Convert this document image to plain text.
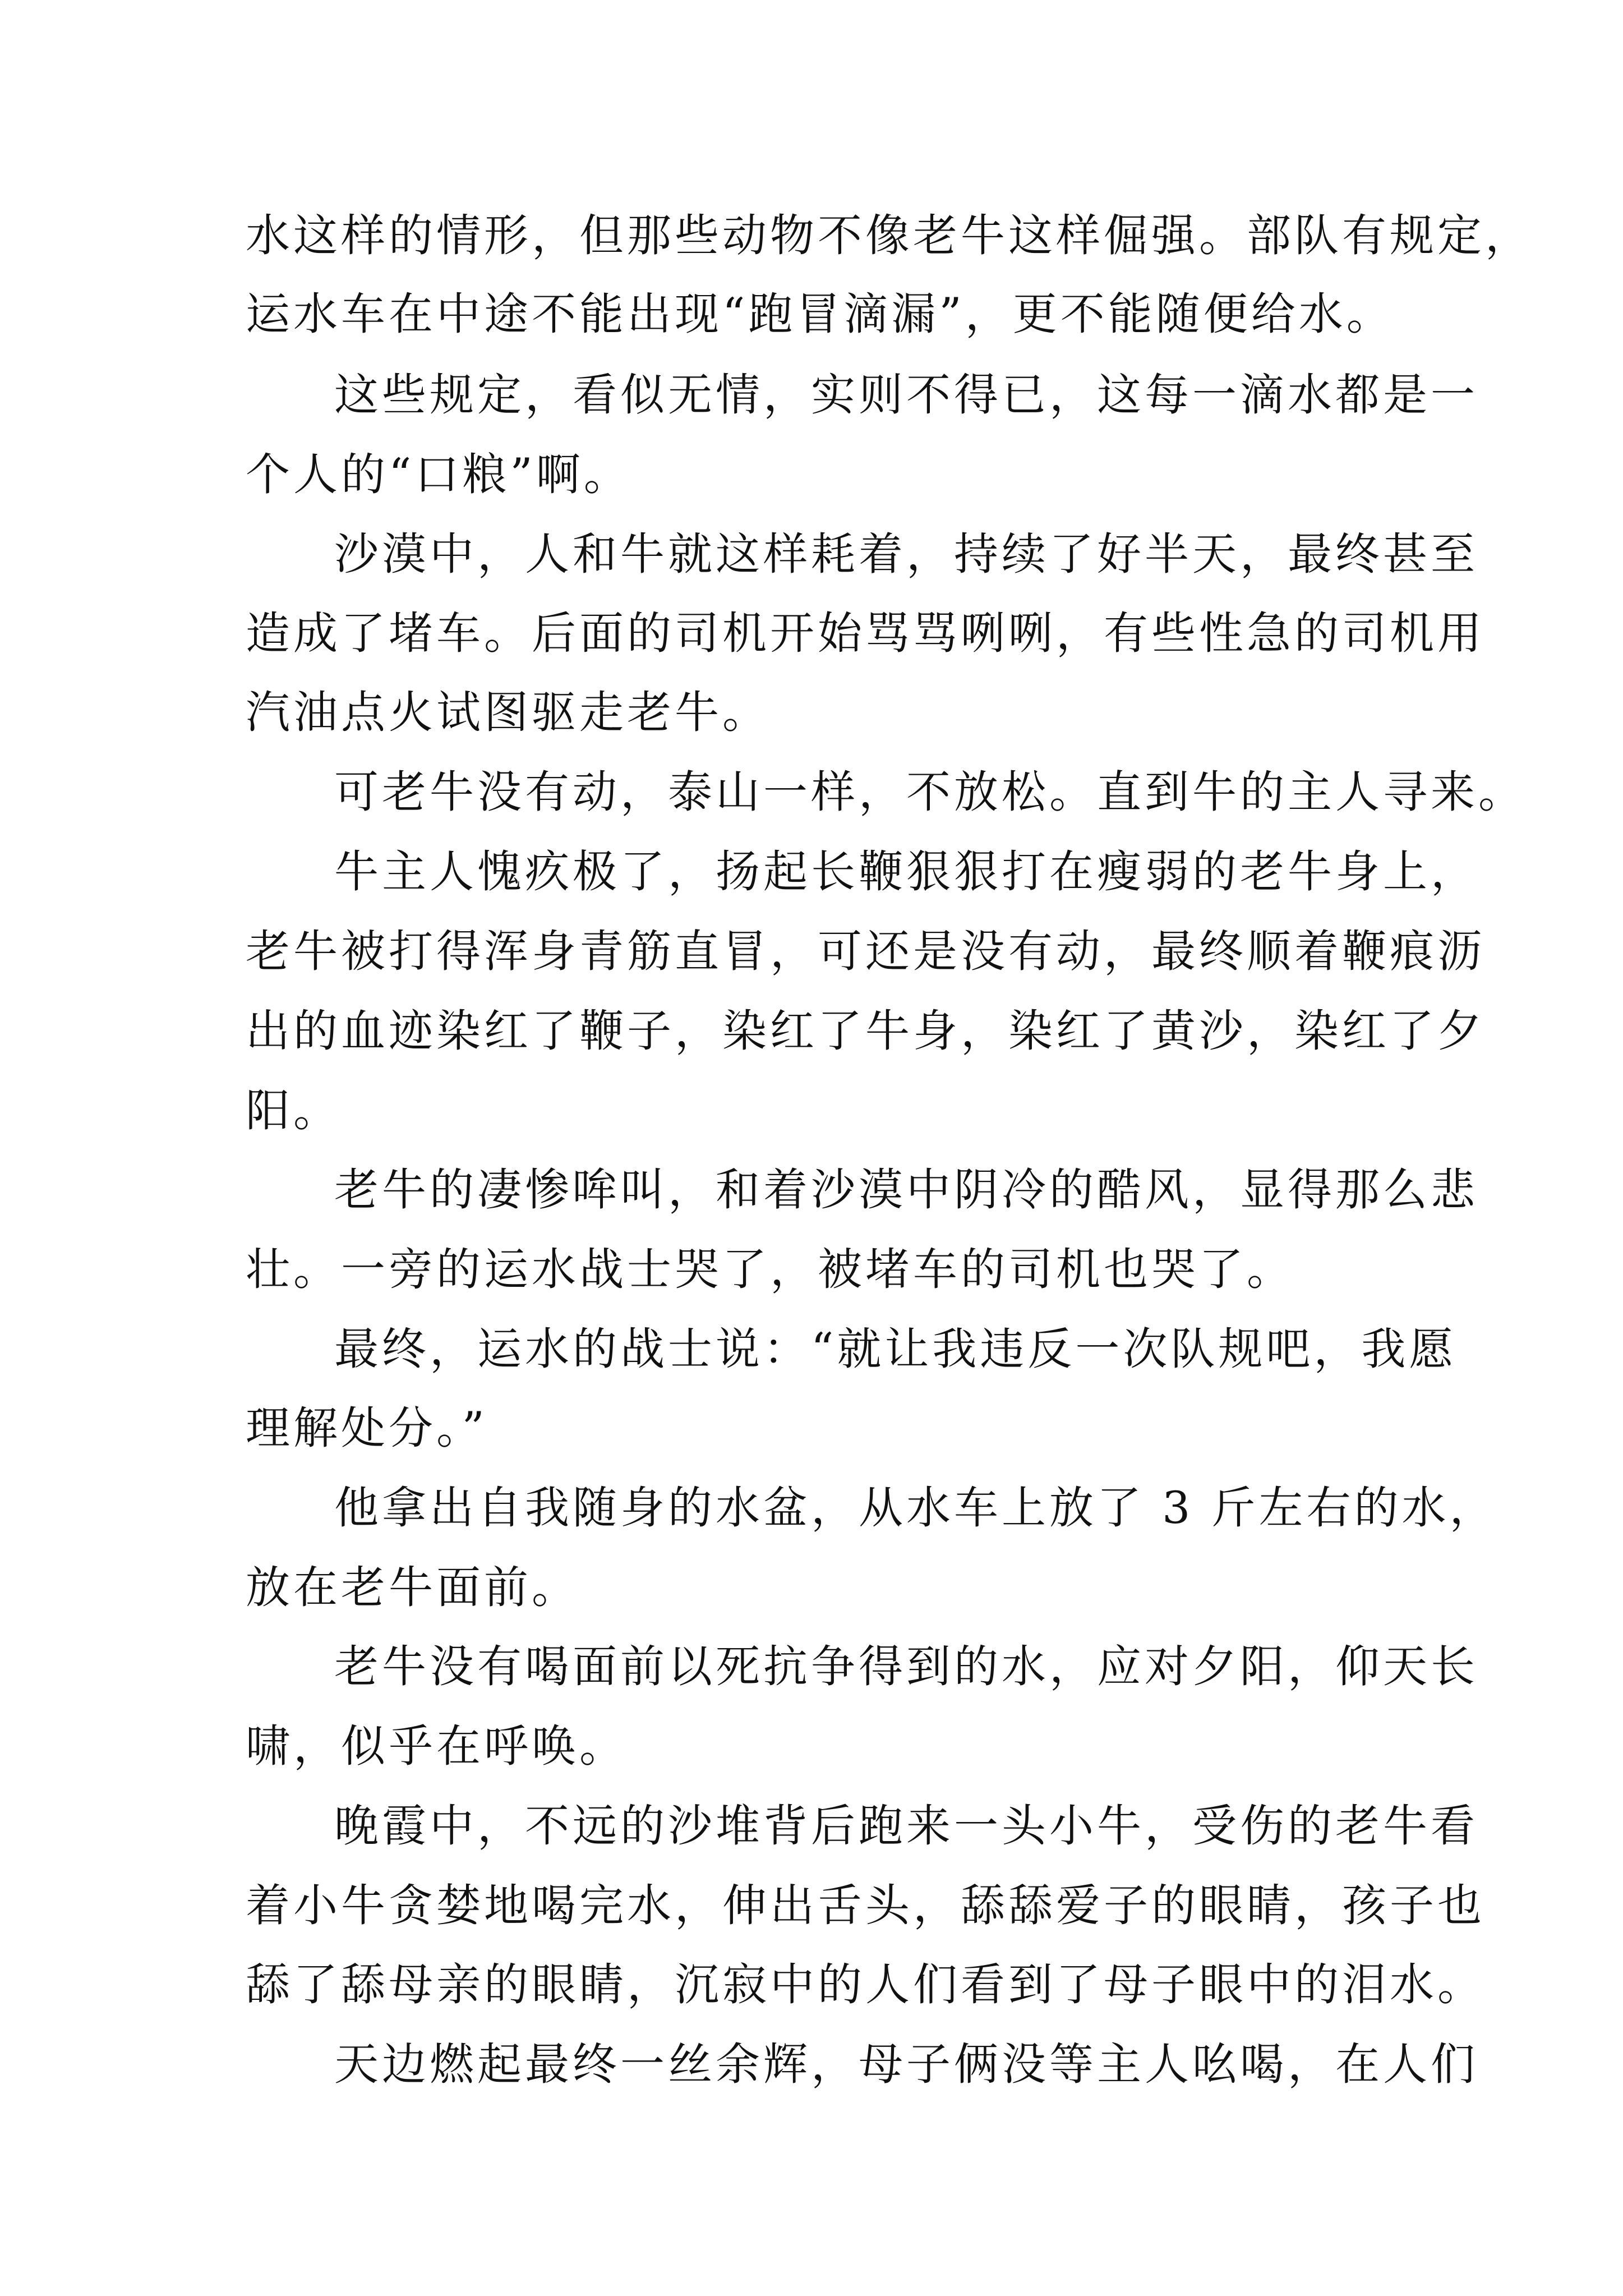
水这样的情形，但那些动物不像老牛这样倔强。部队有规定，
运水车在中途不能出现“跑冒滴漏”，更不能随便给水。
这些规定，看似无情，实则不得已，这每一滴水都是一
个人的“口粮”啊。
沙漠中，人和牛就这样耗着，持续了好半天，最终甚至
造成了堵车。后面的司机开始骂骂咧咧，有些性急的司机用
汽油点火试图驱走老牛。
可老牛没有动，泰山一样，不放松。直到牛的主人寻来。
牛主人愧疚极了，扬起长鞭狠狠打在瘦弱的老牛身上，
老牛被打得浑身青筋直冒，可还是没有动，最终顺着鞭痕沥
出的血迹染红了鞭子，染红了牛身，染红了黄沙，染红了夕
阳。
老牛的凄惨哞叫，和着沙漠中阴冷的酷风，显得那么悲
壮。一旁的运水战士哭了，被堵车的司机也哭了。
最终，运水的战士说：“就让我违反一次队规吧，我愿
理解处分。”
他拿出自我随身的水盆，从水车上放了 3 斤左右的水，
放在老牛面前。
老牛没有喝面前以死抗争得到的水，应对夕阳，仰天长
啸，似乎在呼唤。
晚霞中，不远的沙堆背后跑来一头小牛，受伤的老牛看
着小牛贪婪地喝完水，伸出舌头，舔舔爱子的眼睛，孩子也
舔了舔母亲的眼睛，沉寂中的人们看到了母子眼中的泪水。
天边燃起最终一丝余辉，母子俩没等主人吆喝，在人们
